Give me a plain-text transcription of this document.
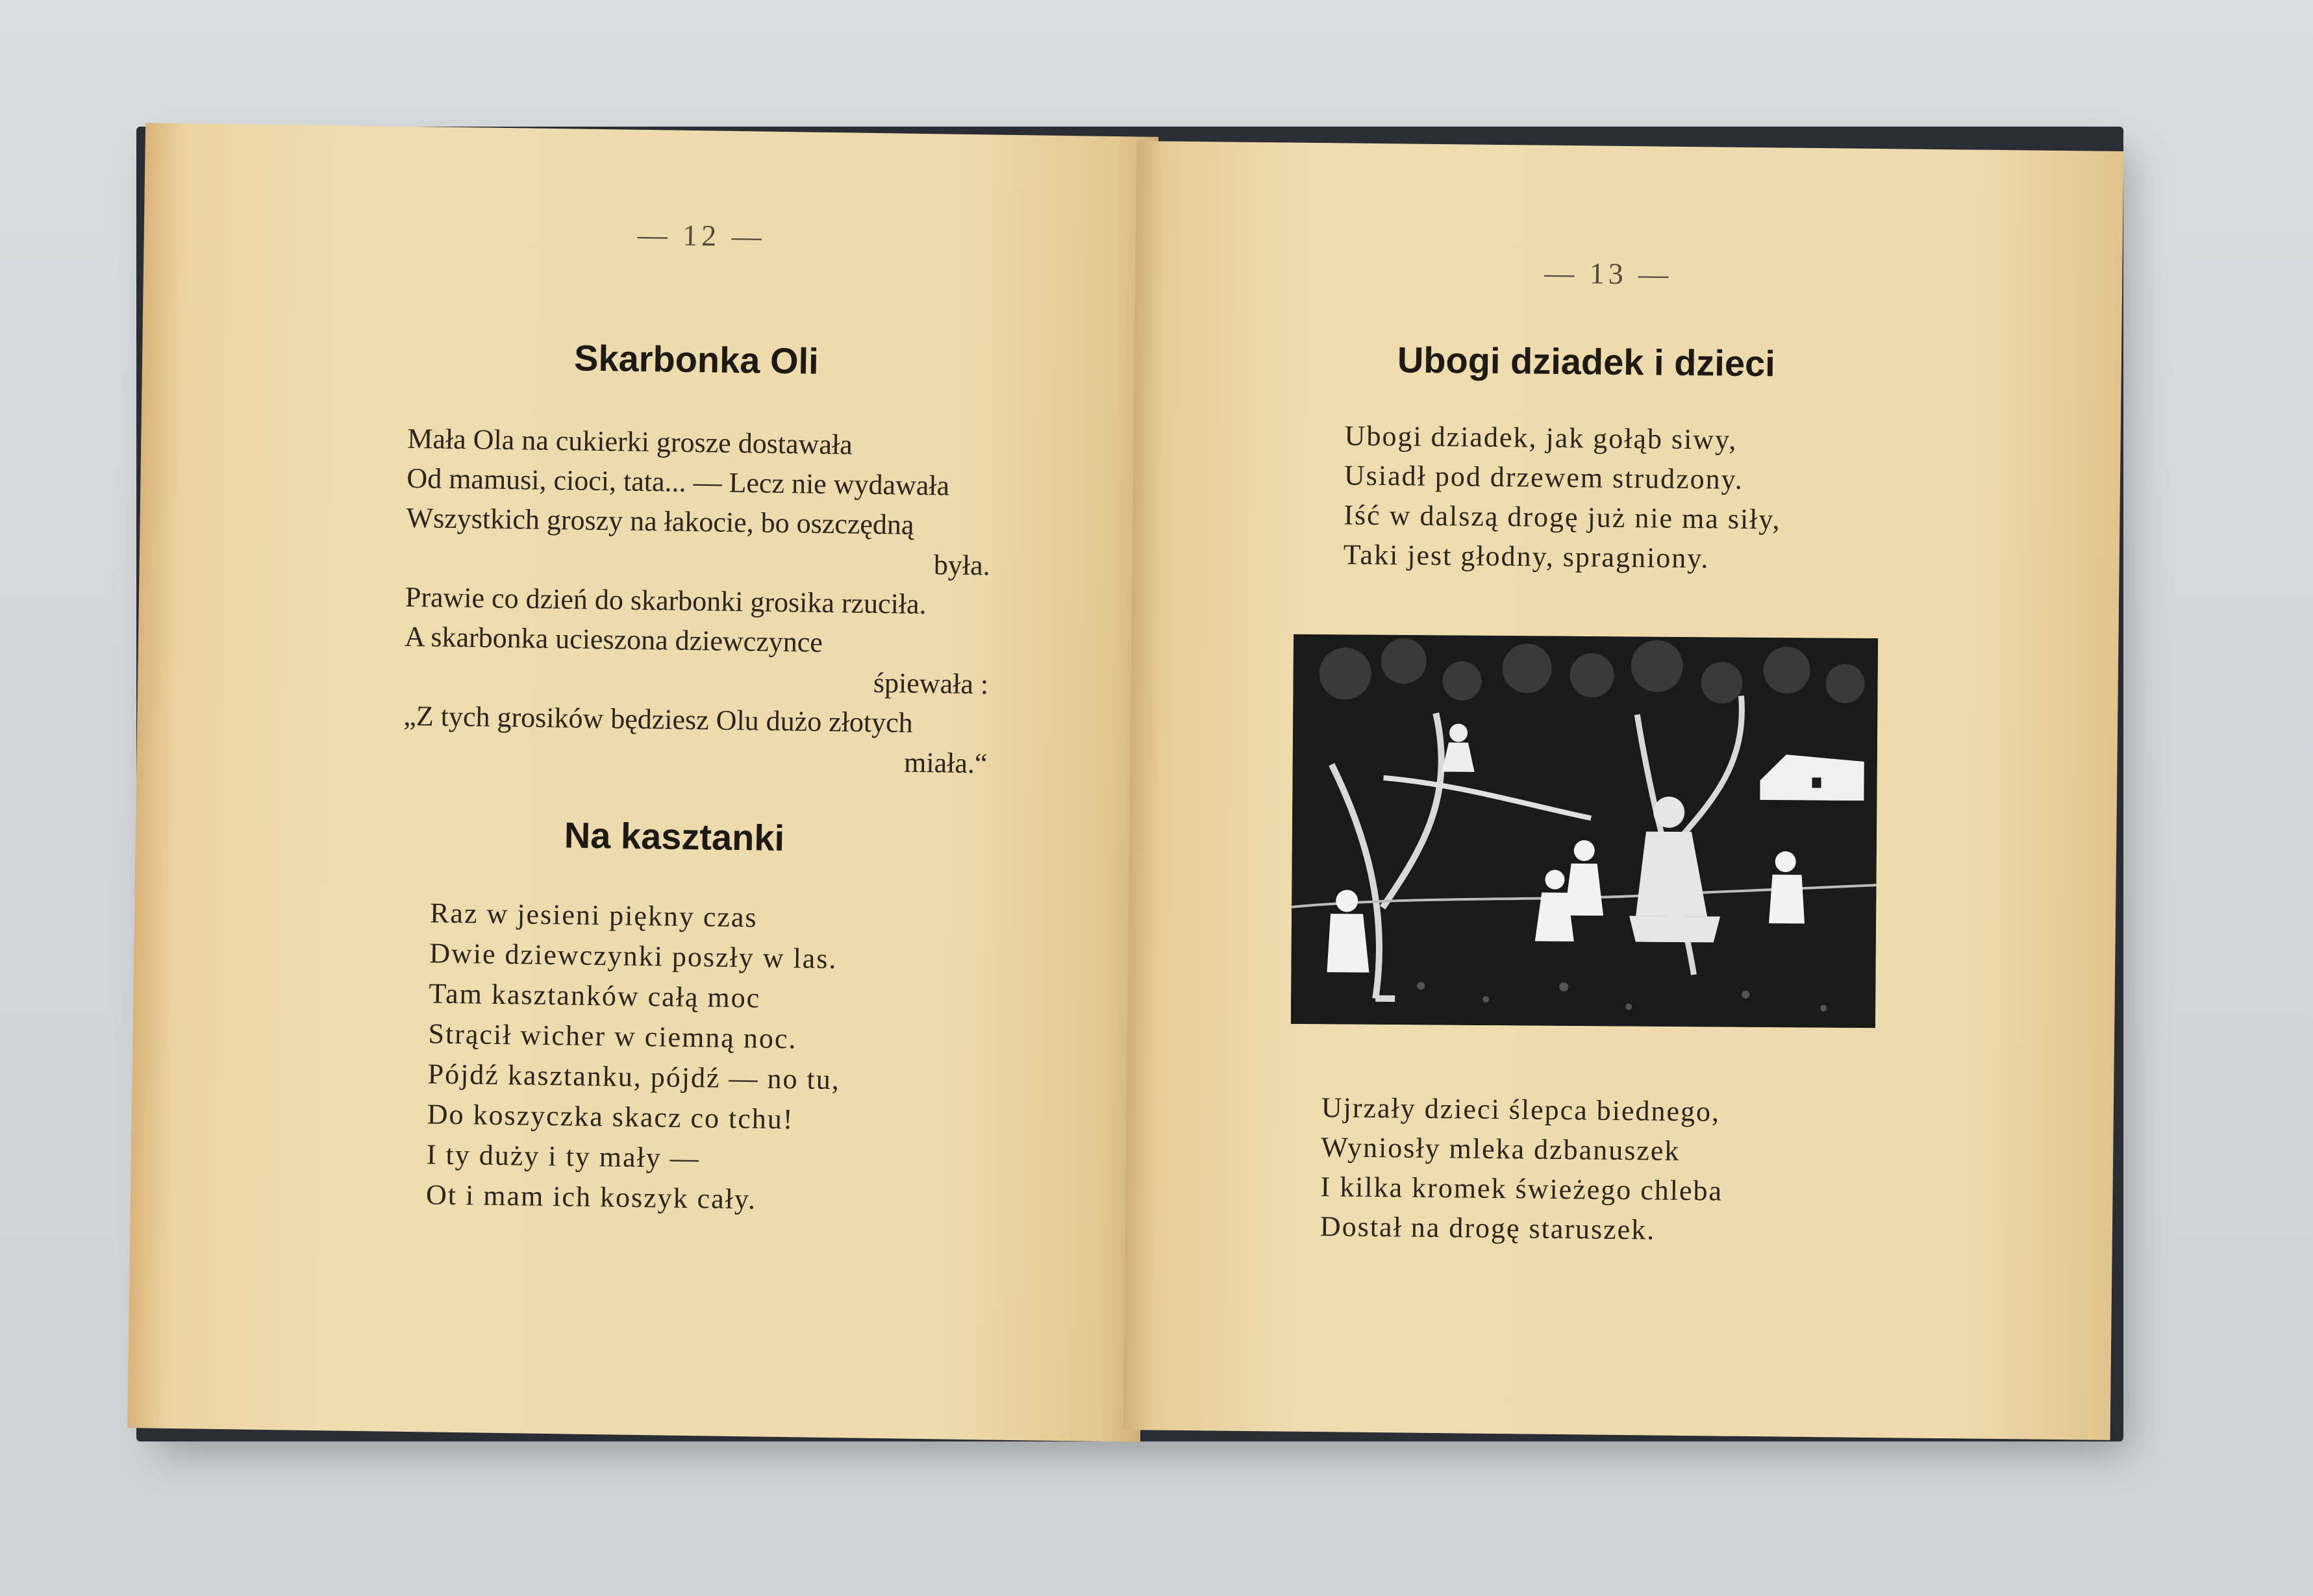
— 12 —
Skarbonka Oli
Mała Ola na cukierki grosze dostawała
Od mamusi, cioci, tata... — Lecz nie wydawała
Wszystkich groszy na łakocie, bo oszczędną
była.
Prawie co dzień do skarbonki grosika rzuciła.
A skarbonka ucieszona dziewczynce
śpiewała :
„Z tych grosików będziesz Olu dużo złotych
miała.“
Na kasztanki
Raz w jesieni piękny czas
Dwie dziewczynki poszły w las.
Tam kasztanków całą moc
Strącił wicher w ciemną noc.
Pójdź kasztanku, pójdź — no tu,
Do koszyczka skacz co tchu!
I ty duży i ty mały —
Ot i mam ich koszyk cały.
— 13 —
Ubogi dziadek i dzieci
Ubogi dziadek, jak gołąb siwy,
Usiadł pod drzewem strudzony.
Iść w dalszą drogę już nie ma siły,
Taki jest głodny, spragniony.
Ujrzały dzieci ślepca biednego,
Wyniosły mleka dzbanuszek
I kilka kromek świeżego chleba
Dostał na drogę staruszek.
